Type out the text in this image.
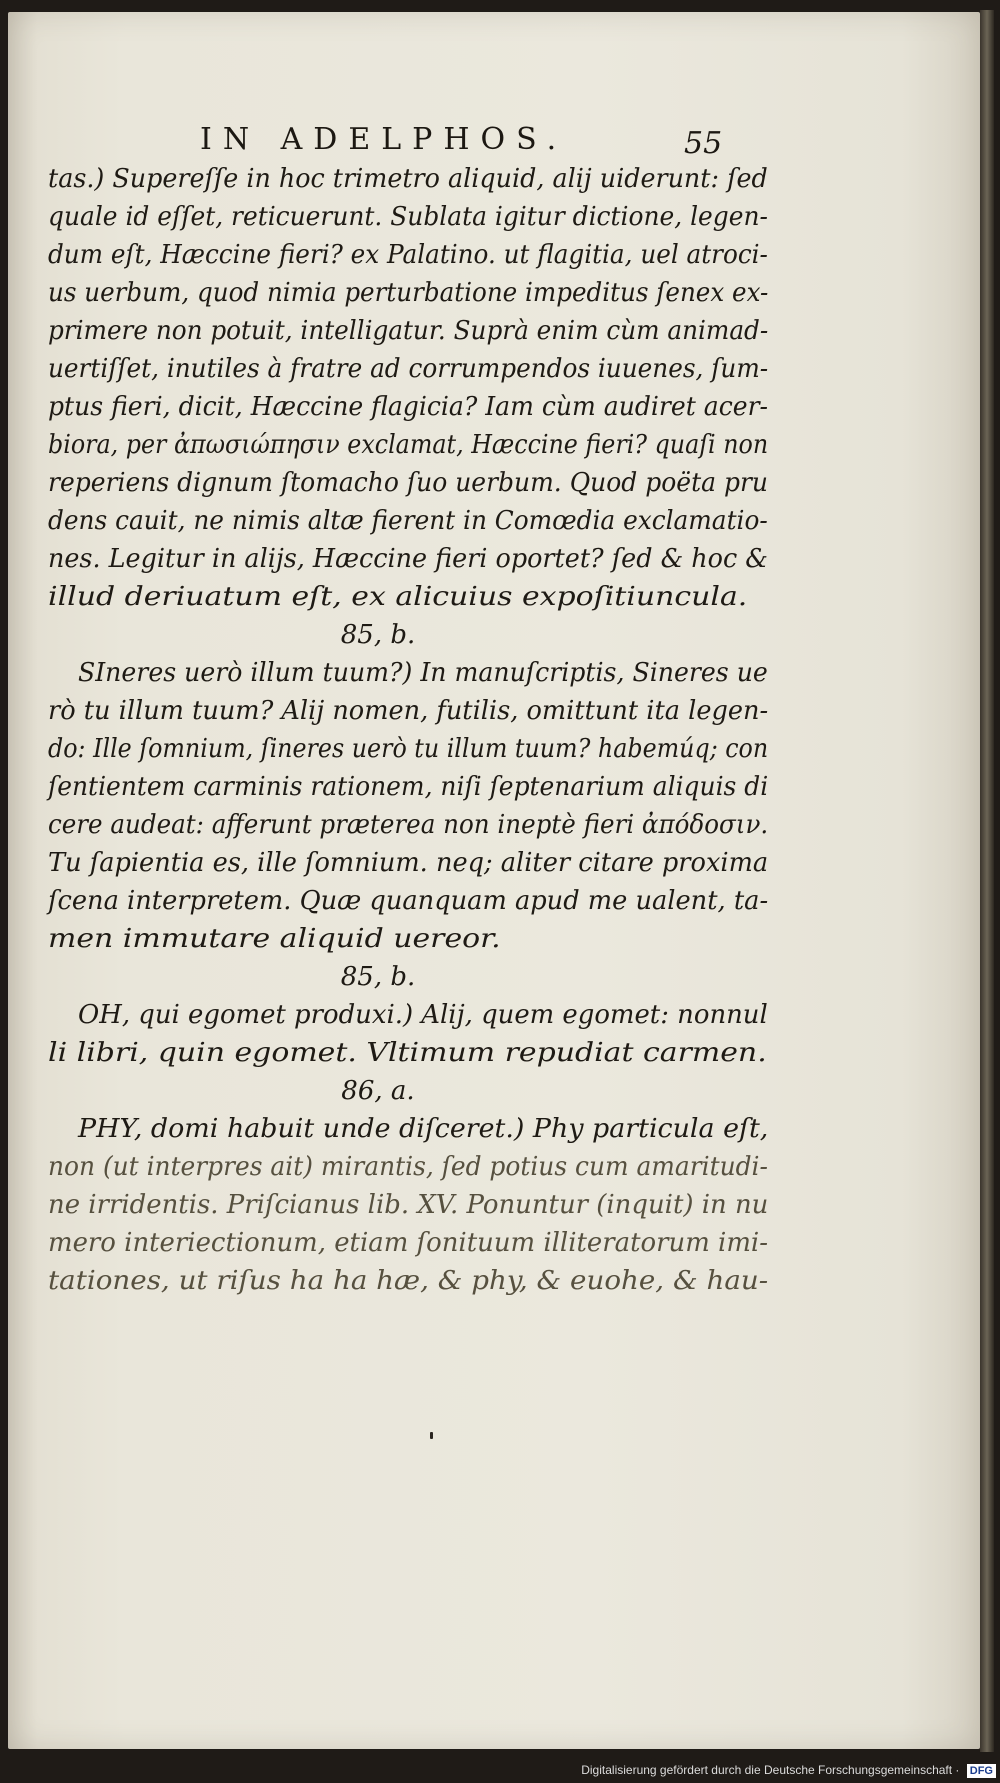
IN ADELPHOS.	55
tas.) Supereſſe in hoc trimetro aliquid, alij uiderunt: ſed
quale id eſſet, reticuerunt. Sublata igitur dictione, legen-
dum eſt, Hæccine fieri? ex Palatino. ut flagitia, uel atroci-
us uerbum, quod nimia perturbatione impeditus ſenex ex-
primere non potuit, intelligatur. Suprà enim cùm animad-
uertiſſet, inutiles à fratre ad corrumpendos iuuenes, ſum-
ptus fieri, dicit, Hæccine flagicia? Iam cùm audiret acer-
biora, per ἀπωσιώπησιν exclamat, Hæccine fieri? quaſi non
reperiens dignum ſtomacho ſuo uerbum. Quod poëta pru
dens cauit, ne nimis altæ fierent in Comœdia exclamatio-
nes. Legitur in alijs, Hæccine fieri oportet? ſed & hoc &
illud deriuatum eſt, ex alicuius expoſitiuncula.
85, b.
SIneres uerò illum tuum?) In manuſcriptis, Sineres ue
rò tu illum tuum? Alij nomen, futilis, omittunt ita legen-
do: Ille ſomnium, ſineres uerò tu illum tuum? habemúq; con
ſentientem carminis rationem, niſi ſeptenarium aliquis di
cere audeat: afferunt præterea non ineptè fieri ἀπόδοσιν.
Tu ſapientia es, ille ſomnium. neq; aliter citare proxima
ſcena interpretem. Quæ quanquam apud me ualent, ta-
men immutare aliquid uereor.
85, b.
OH, qui egomet produxi.) Alij, quem egomet: nonnul
li libri, quin egomet. Vltimum repudiat carmen.
86, a.
PHY, domi habuit unde diſceret.) Phy particula eſt,
non (ut interpres ait) mirantis, ſed potius cum amaritudi-
ne irridentis. Priſcianus lib. XV. Ponuntur (inquit) in nu
mero interiectionum, etiam ſonituum illiteratorum imi-
tationes, ut riſus ha ha hæ, & phy, & euohe, & hau-
Digitalisierung gefördert durch die Deutsche Forschungsgemeinschaft · DFG
